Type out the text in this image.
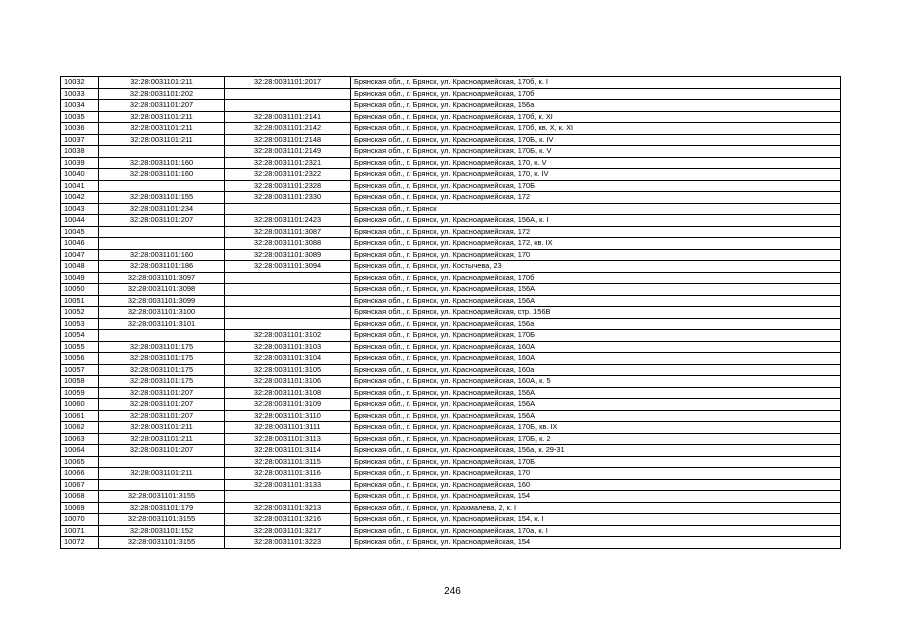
10032	32:28:0031101:211	32:28:0031101:2017	Брянская обл., г. Брянск, ул. Красноармейская, 170б, к. I
10033	32:28:0031101:202		Брянская обл., г. Брянск, ул. Красноармейская, 170б
10034	32:28:0031101:207		Брянская обл., г. Брянск, ул. Красноармейская, 156а
10035	32:28:0031101:211	32:28:0031101:2141	Брянская обл., г. Брянск, ул. Красноармейская, 170б, к. XI
10036	32:28:0031101:211	32:28:0031101:2142	Брянская обл., г. Брянск, ул. Красноармейская, 170б, кв. X, к. XI
10037	32:28:0031101:211	32:28:0031101:2148	Брянская обл., г. Брянск, ул. Красноармейская, 170Б, к. IV
10038		32:28:0031101:2149	Брянская обл., г. Брянск, ул. Красноармейская, 170Б, к. V
10039	32:28:0031101:160	32:28:0031101:2321	Брянская обл., г. Брянск, ул. Красноармейская, 170, к. V
10040	32:28:0031101:160	32:28:0031101:2322	Брянская обл., г. Брянск, ул. Красноармейская, 170, к. IV
10041		32:28:0031101:2328	Брянская обл., г. Брянск, ул. Красноармейская, 170Б
10042	32:28:0031101:155	32:28:0031101:2330	Брянская обл., г. Брянск, ул. Красноармейская, 172
10043	32:28:0031101:234		Брянская обл., г. Брянск
10044	32:28:0031101:207	32:28:0031101:2423	Брянская обл., г. Брянск, ул. Красноармейская, 156А, к. I
10045		32:28:0031101:3087	Брянская обл., г. Брянск, ул. Красноармейская, 172
10046		32:28:0031101:3088	Брянская обл., г. Брянск, ул. Красноармейская, 172, кв. IX
10047	32:28:0031101:160	32:28:0031101:3089	Брянская обл., г. Брянск, ул. Красноармейская, 170
10048	32:28:0031101:186	32:28:0031101:3094	Брянская обл., г. Брянск, ул. Костычева, 23
10049	32:28:0031101:3097		Брянская обл., г. Брянск, ул. Красноармейская, 170б
10050	32:28:0031101:3098		Брянская обл., г. Брянск, ул. Красноармейская, 156А
10051	32:28:0031101:3099		Брянская обл., г. Брянск, ул. Красноармейская, 156А
10052	32:28:0031101:3100		Брянская обл., г. Брянск, ул. Красноармейская, стр. 156В
10053	32:28:0031101:3101		Брянская обл., г. Брянск, ул. Красноармейская, 156а
10054		32:28:0031101:3102	Брянская обл., г. Брянск, ул. Красноармейская, 170Б
10055	32:28:0031101:175	32:28:0031101:3103	Брянская обл., г. Брянск, ул. Красноармейская, 160А
10056	32:28:0031101:175	32:28:0031101:3104	Брянская обл., г. Брянск, ул. Красноармейская, 160А
10057	32:28:0031101:175	32:28:0031101:3105	Брянская обл., г. Брянск, ул. Красноармейская, 160а
10058	32:28:0031101:175	32:28:0031101:3106	Брянская обл., г. Брянск, ул. Красноармейская, 160А, к. 5
10059	32:28:0031101:207	32:28:0031101:3108	Брянская обл., г. Брянск, ул. Красноармейская, 156А
10060	32:28:0031101:207	32:28:0031101:3109	Брянская обл., г. Брянск, ул. Красноармейская, 156А
10061	32:28:0031101:207	32:28:0031101:3110	Брянская обл., г. Брянск, ул. Красноармейская, 156А
10062	32:28:0031101:211	32:28:0031101:3111	Брянская обл., г. Брянск, ул. Красноармейская, 170Б, кв. IX
10063	32:28:0031101:211	32:28:0031101:3113	Брянская обл., г. Брянск, ул. Красноармейская, 170Б, к. 2
10064	32:28:0031101:207	32:28:0031101:3114	Брянская обл., г. Брянск, ул. Красноармейская, 156а, к. 29-31
10065		32:28:0031101:3115	Брянская обл., г. Брянск, ул. Красноармейская, 170Б
10066	32:28:0031101:211	32:28:0031101:3116	Брянская обл., г. Брянск, ул. Красноармейская, 170
10067		32:28:0031101:3133	Брянская обл., г. Брянск, ул. Красноармейская, 160
10068	32:28:0031101:3155		Брянская обл., г. Брянск, ул. Красноармейская, 154
10069	32:28:0031101:179	32:28:0031101:3213	Брянская обл., г. Брянск, ул. Крахмалева, 2, к. I
10070	32:28:0031101:3155	32:28:0031101:3216	Брянская обл., г. Брянск, ул. Красноармейская, 154, к. I
10071	32:28:0031101:152	32:28:0031101:3217	Брянская обл., г. Брянск, ул. Красноармейская, 170а, к. I
10072	32:28:0031101:3155	32:28:0031101:3223	Брянская обл., г. Брянск, ул. Красноармейская, 154
246
